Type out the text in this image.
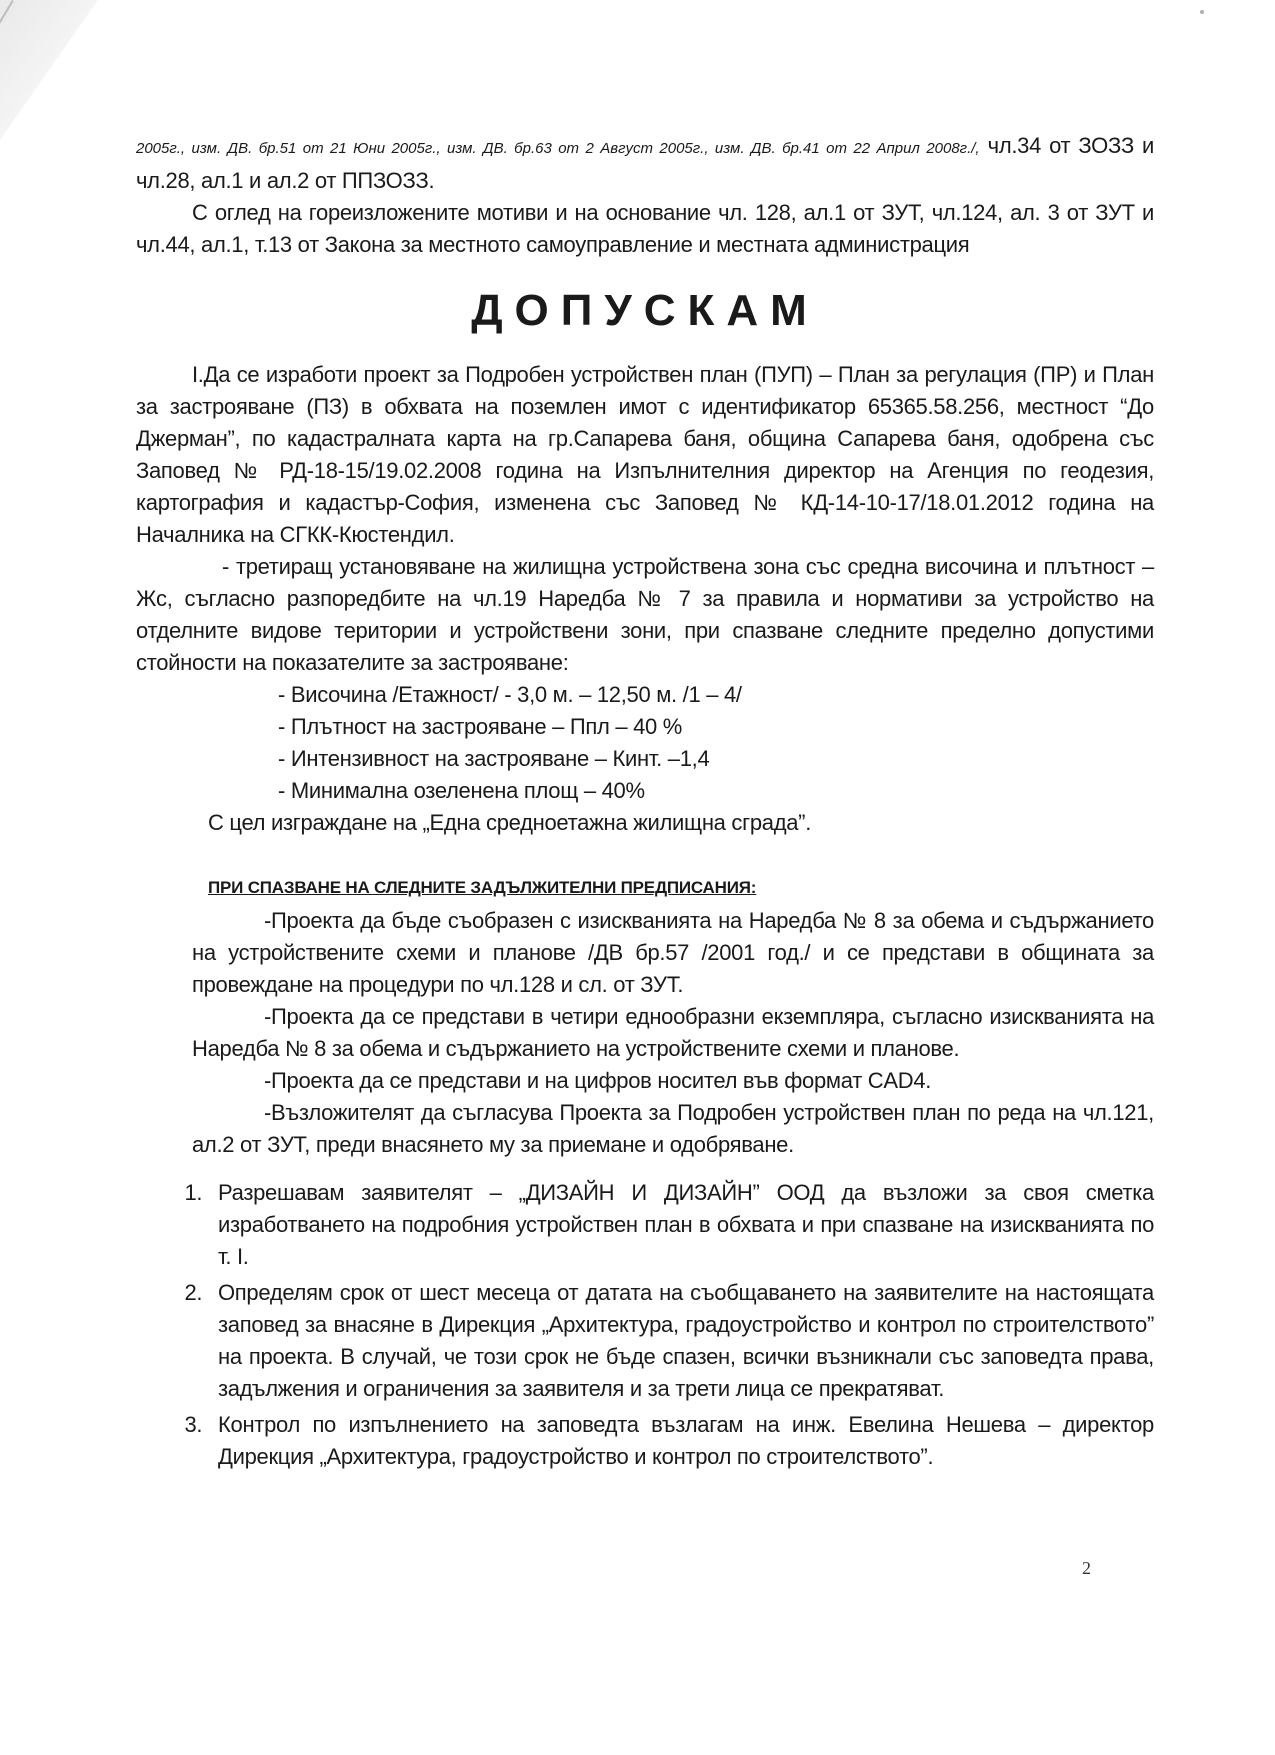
2005г., изм. ДВ. бр.51 от 21 Юни 2005г., изм. ДВ. бр.63 от 2 Август 2005г., изм. ДВ. бр.41 от 22 Април 2008г./, чл.34 от ЗОЗЗ и чл.28, ал.1 и ал.2 от ППЗОЗЗ.

С оглед на гореизложените мотиви и на основание чл. 128, ал.1 от ЗУТ, чл.124, ал. 3 от ЗУТ и чл.44, ал.1, т.13 от Закона за местното самоуправление и местната администрация

ДОПУСКАМ

I.Да се изработи проект за Подробен устройствен план (ПУП) – План за регулация (ПР) и План за застрояване (ПЗ) в обхвата на поземлен имот с идентификатор 65365.58.256, местност “До Джерман”, по кадастралната карта на гр.Сапарева баня, община Сапарева баня, одобрена със Заповед № РД-18-15/19.02.2008 година на Изпълнителния директор на Агенция по геодезия, картография и кадастър-София, изменена със Заповед № КД-14-10-17/18.01.2012 година на Началника на СГКК-Кюстендил.

- третиращ установяване на жилищна устройствена зона със средна височина и плътност – Жс, съгласно разпоредбите на чл.19 Наредба № 7 за правила и нормативи за устройство на отделните видове територии и устройствени зони, при спазване следните пределно допустими стойности на показателите за застрояване:

- Височина /Етажност/ - 3,0 м. – 12,50 м. /1 – 4/
- Плътност на застрояване – Ппл – 40 %
- Интензивност на застрояване – Кинт. –1,4
- Минимална озеленена площ – 40%
С цел изграждане на „Една средноетажна жилищна сграда”.
ПРИ СПАЗВАНЕ НА СЛЕДНИТЕ ЗАДЪЛЖИТЕЛНИ ПРЕДПИСАНИЯ:

-Проекта да бъде съобразен с изискванията на Наредба № 8 за обема и съдържанието на устройствените схеми и планове /ДВ бр.57 /2001 год./ и се представи в общината за провеждане на процедури по чл.128 и сл. от ЗУТ.

-Проекта да се представи в четири еднообразни екземпляра, съгласно изискванията на Наредба № 8 за обема и съдържанието на устройствените схеми и планове.

-Проекта да се представи и на цифров носител във формат CAD4.

-Възложителят да съгласува Проекта за Подробен устройствен план по реда на чл.121, ал.2 от ЗУТ, преди внасянето му за приемане и одобряване.

1. Разрешавам заявителят – „ДИЗАЙН И ДИЗАЙН” ООД да възложи за своя сметка изработването на подробния устройствен план в обхвата и при спазване на изискванията по т. I.
2. Определям срок от шест месеца от датата на съобщаването на заявителите на настоящата заповед за внасяне в Дирекция „Архитектура, градоустройство и контрол по строителството” на проекта. В случай, че този срок не бъде спазен, всички възникнали със заповедта права, задължения и ограничения за заявителя и за трети лица се прекратяват.
3. Контрол по изпълнението на заповедта възлагам на инж. Евелина Нешева – директор Дирекция „Архитектура, градоустройство и контрол по строителството”.
2
